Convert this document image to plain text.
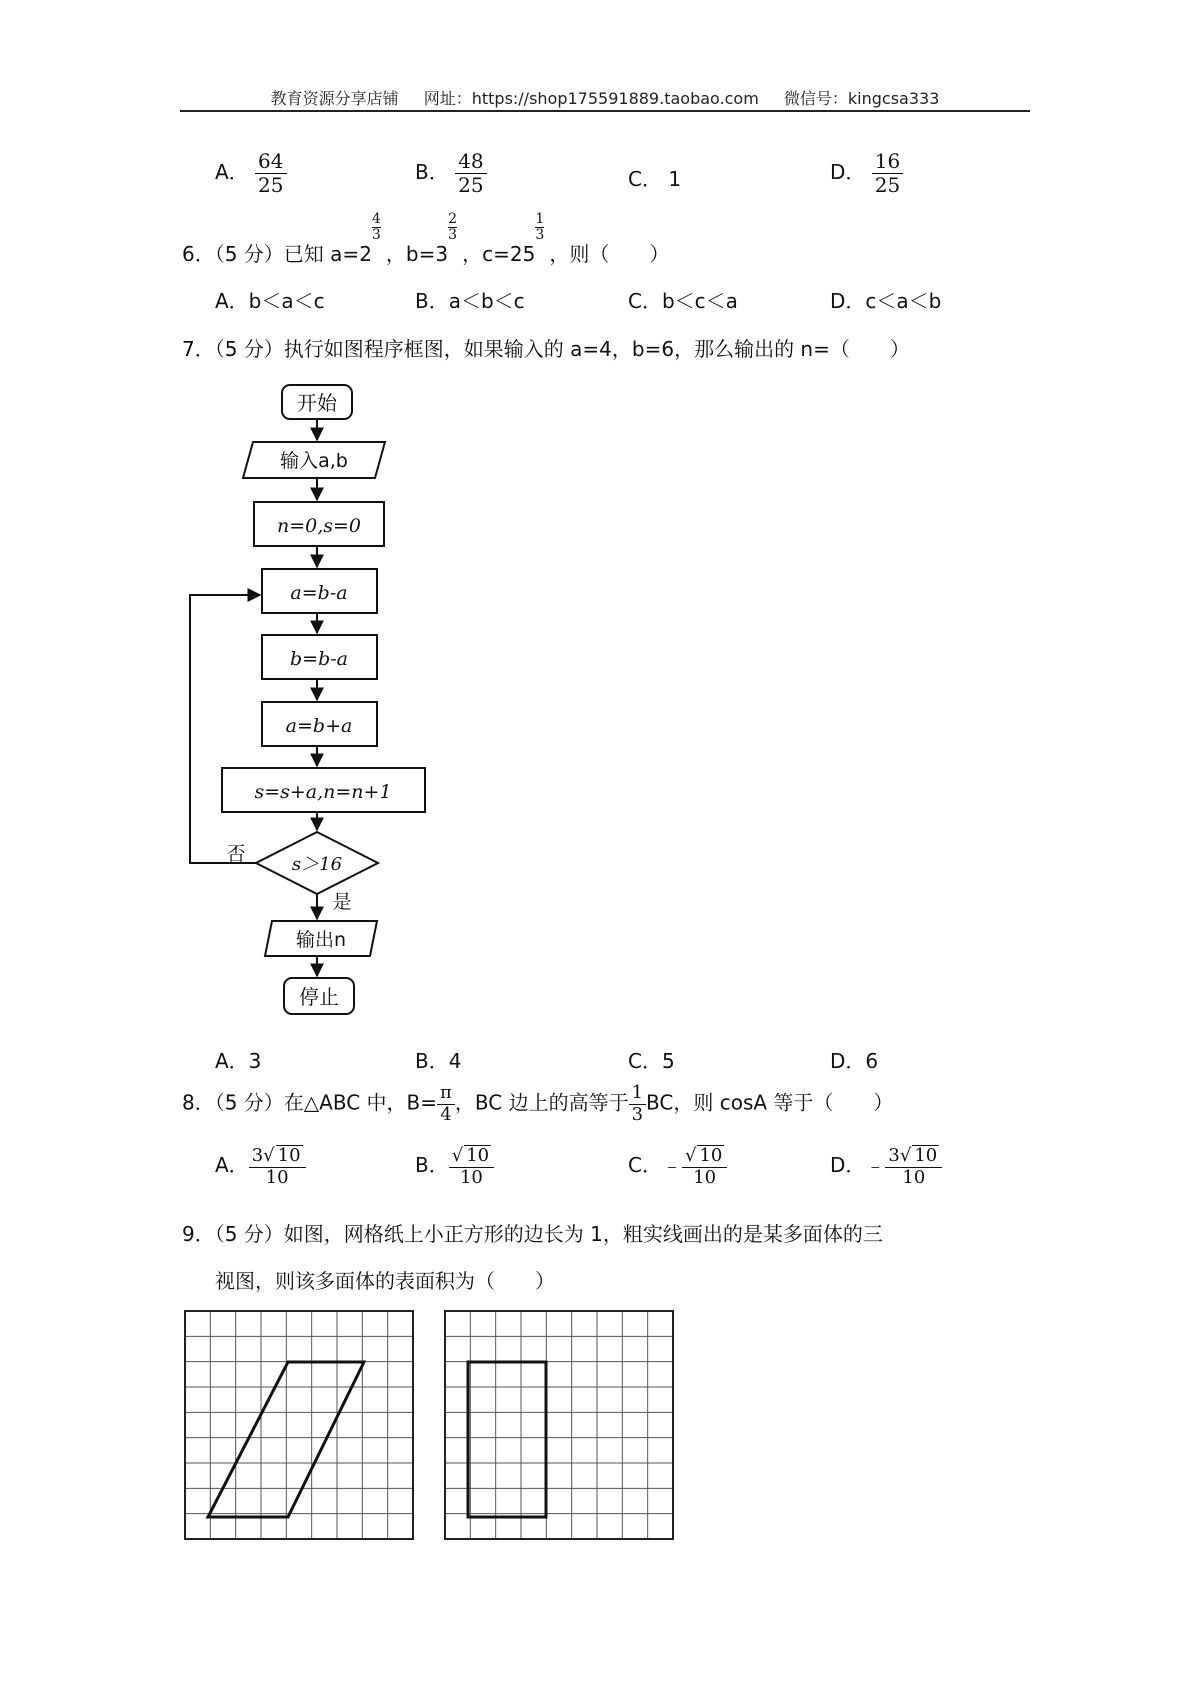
教育资源分享店铺 网址：https://shop175591889.taobao.com 微信号：kingcsa333
A． $\frac{64}{25}$	B． $\frac{48}{25}$	C． 1	D． $\frac{16}{25}$
6．（5 分）已知 a=2
4
3
，b=3
2
3
，c=25
1
3
，则（　　）
A．b＜a＜c	B．a＜b＜c	C．b＜c＜a	D．c＜a＜b
7．（5 分）执行如图程序框图，如果输入的 a=4，b=6，那么输出的 n=（　　）
开始
输入a,b
n=0,s=0
a=b-a
b=b-a
a=b+a
s=s+a,n=n+1
s＞16
否
是
输出n
停止
A．3	B．4	C．5	D．6
8．（5 分）在△ABC 中，$B= \frac{\pi}{4}$ ，BC 边上的高等于 $\frac{1}{3}$ BC，则 cosA 等于（　　）
A． $\frac{3√ 10}{10}$	B． $\frac{√ 10}{10}$	C．﹣ $\frac{√ 10}{10}$	D．﹣ $\frac{3√ 10}{10}$
9．（5 分）如图，网格纸上小正方形的边长为 1，粗实线画出的是某多面体的三
视图，则该多面体的表面积为（　　）
